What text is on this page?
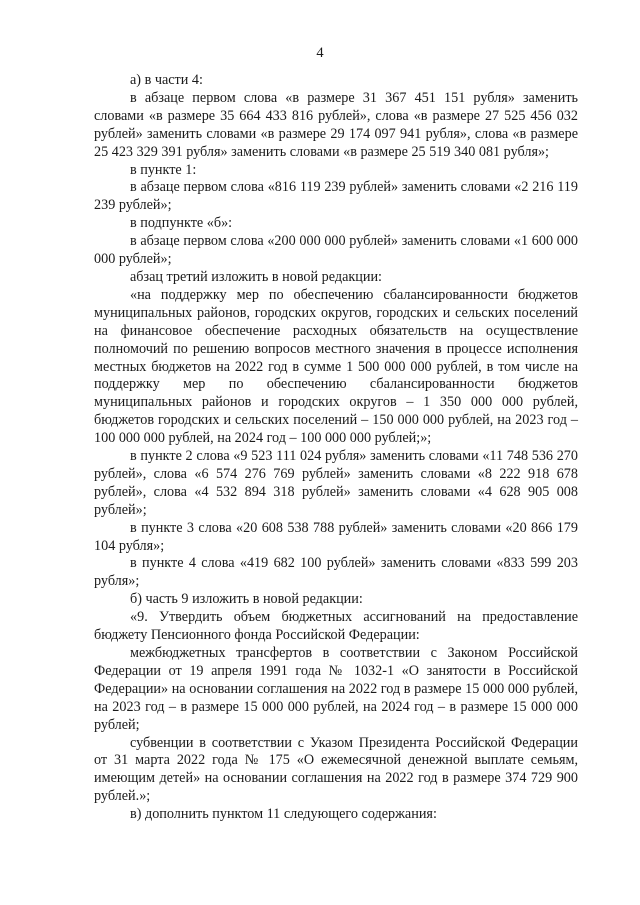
4

а) в части 4:

в абзаце первом слова «в размере 31 367 451 151 рубля» заменить словами «в размере 35 664 433 816 рублей», слова «в размере 27 525 456 032 рублей» заменить словами «в размере 29 174 097 941 рубля», слова «в размере 25 423 329 391 рубля» заменить словами «в размере 25 519 340 081 рубля»;

в пункте 1:

в абзаце первом слова «816 119 239 рублей» заменить словами «2 216 119 239 рублей»;

в подпункте «б»:

в абзаце первом слова «200 000 000 рублей» заменить словами «1 600 000 000 рублей»;

абзац третий изложить в новой редакции:

«на поддержку мер по обеспечению сбалансированности бюджетов муниципальных районов, городских округов, городских и сельских поселений на финансовое обеспечение расходных обязательств на осуществление полномочий по решению вопросов местного значения в процессе исполнения местных бюджетов на 2022 год в сумме 1 500 000 000 рублей, в том числе на поддержку мер по обеспечению сбалансированности бюджетов муниципальных районов и городских округов – 1 350 000 000 рублей, бюджетов городских и сельских поселений – 150 000 000 рублей, на 2023 год – 100 000 000 рублей, на 2024 год – 100 000 000 рублей;»;

в пункте 2 слова «9 523 111 024 рубля» заменить словами «11 748 536 270 рублей», слова «6 574 276 769 рублей» заменить словами «8 222 918 678 рублей», слова «4 532 894 318 рублей» заменить словами «4 628 905 008 рублей»;

в пункте 3 слова «20 608 538 788 рублей» заменить словами «20 866 179 104 рубля»;

в пункте 4 слова «419 682 100 рублей» заменить словами «833 599 203 рубля»;

б) часть 9 изложить в новой редакции:

«9. Утвердить объем бюджетных ассигнований на предоставление бюджету Пенсионного фонда Российской Федерации:

межбюджетных трансфертов в соответствии с Законом Российской Федерации от 19 апреля 1991 года № 1032-1 «О занятости в Российской Федерации» на основании соглашения на 2022 год в размере 15 000 000 рублей, на 2023 год – в размере 15 000 000 рублей, на 2024 год – в размере 15 000 000 рублей;

субвенции в соответствии с Указом Президента Российской Федерации от 31 марта 2022 года № 175 «О ежемесячной денежной выплате семьям, имеющим детей» на основании соглашения на 2022 год в размере 374 729 900 рублей.»;

в) дополнить пунктом 11 следующего содержания:
